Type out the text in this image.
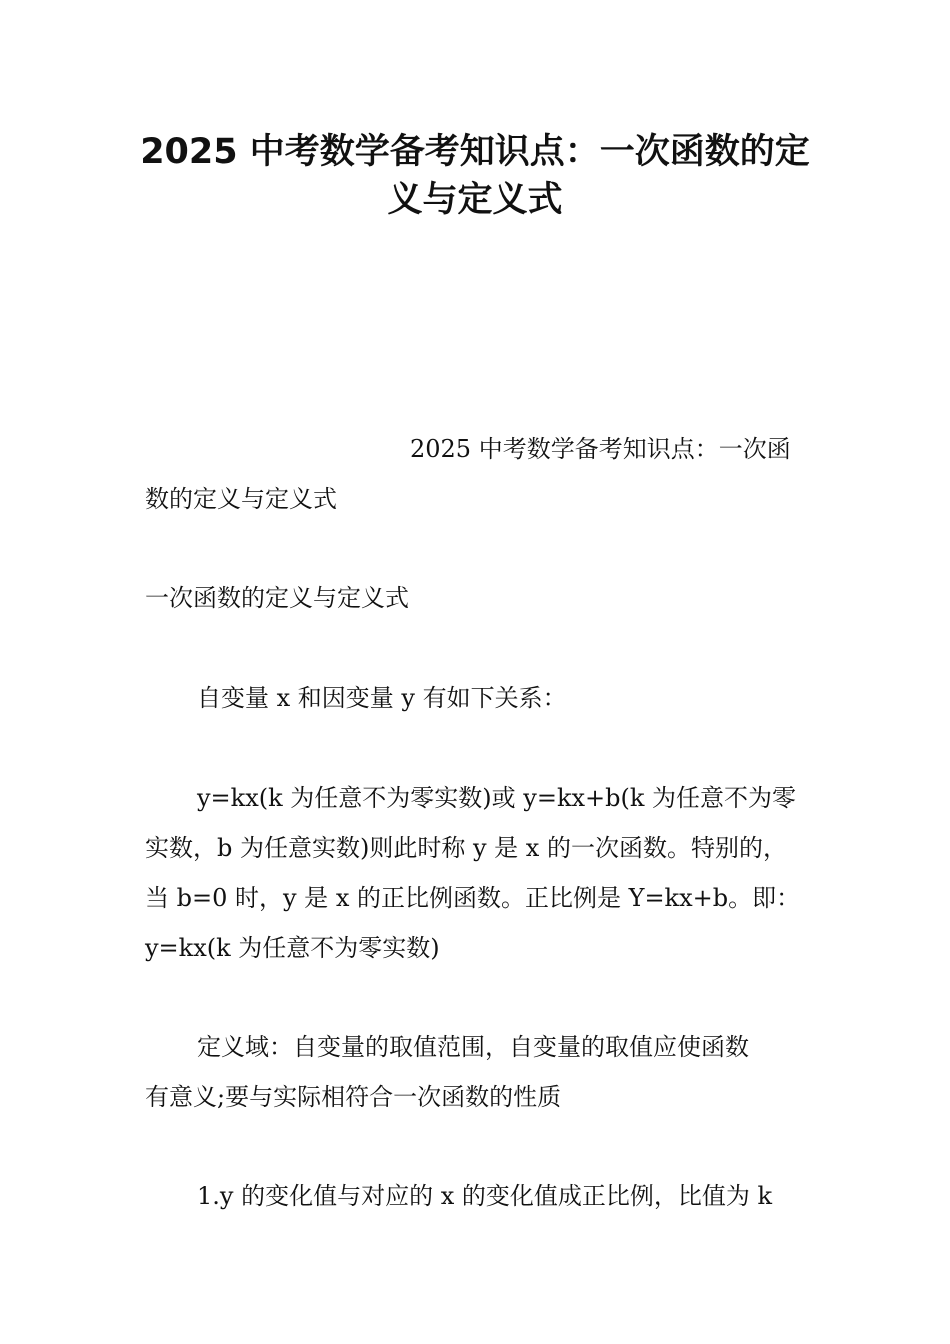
2025 中考数学备考知识点：一次函数的定
义与定义式

2025 中考数学备考知识点：一次函

数的定义与定义式

一次函数的定义与定义式

自变量 x 和因变量 y 有如下关系：

y=kx(k 为任意不为零实数)或 y=kx+b(k 为任意不为零

实数，b 为任意实数)则此时称 y 是 x 的一次函数。特别的，

当 b=0 时，y 是 x 的正比例函数。正比例是 Y=kx+b。即：

y=kx(k 为任意不为零实数)

定义域：自变量的取值范围，自变量的取值应使函数

有意义;要与实际相符合一次函数的性质

1.y 的变化值与对应的 x 的变化值成正比例，比值为 k
